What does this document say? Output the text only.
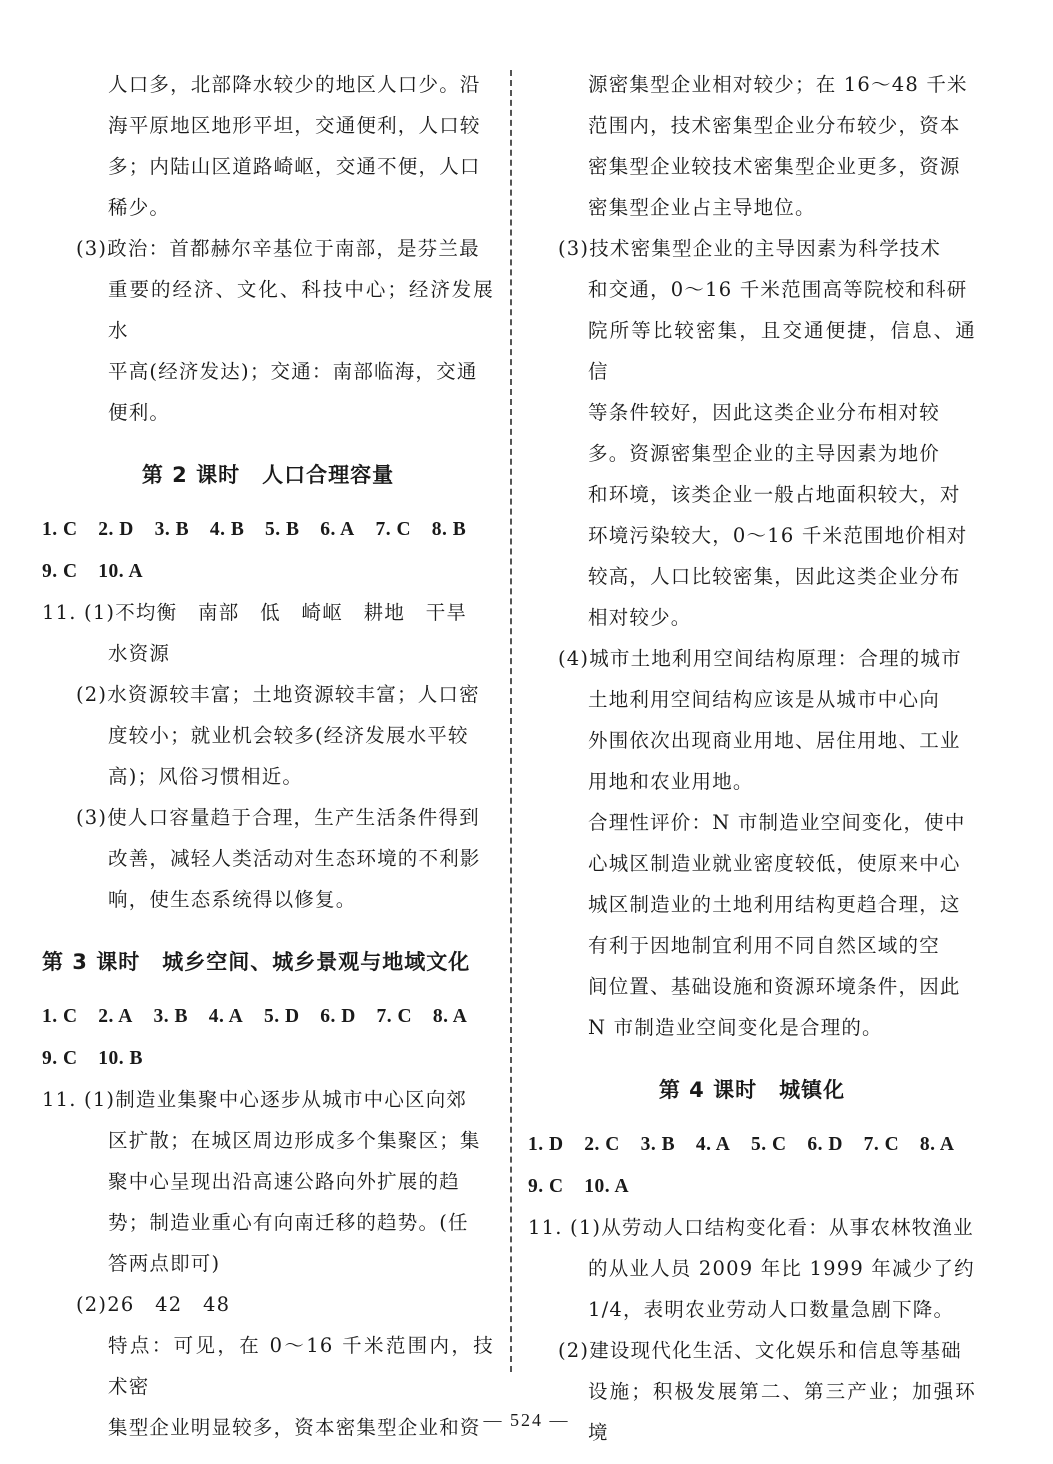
人口多，北部降水较少的地区人口少。沿

海平原地区地形平坦，交通便利，人口较

多；内陆山区道路崎岖，交通不便，人口

稀少。

(3)政治：首都赫尔辛基位于南部，是芬兰最

重要的经济、文化、科技中心；经济发展水

平高(经济发达)；交通：南部临海，交通

便利。

第 2 课时　人口合理容量

1. C 2. D 3. B 4. B 5. B 6. A 7. C 8. B

9. C 10. A

11. (1)不均衡　南部　低　崎岖　耕地　干旱

水资源

(2)水资源较丰富；土地资源较丰富；人口密

度较小；就业机会较多(经济发展水平较

高)；风俗习惯相近。

(3)使人口容量趋于合理，生产生活条件得到

改善，减轻人类活动对生态环境的不利影

响，使生态系统得以修复。

第 3 课时　城乡空间、城乡景观与地域文化

1. C 2. A 3. B 4. A 5. D 6. D 7. C 8. A

9. C 10. B

11. (1)制造业集聚中心逐步从城市中心区向郊

区扩散；在城区周边形成多个集聚区；集

聚中心呈现出沿高速公路向外扩展的趋

势；制造业重心有向南迁移的趋势。(任

答两点即可)

(2)26　42　48

特点：可见，在 0～16 千米范围内，技术密

集型企业明显较多，资本密集型企业和资

源密集型企业相对较少；在 16～48 千米

范围内，技术密集型企业分布较少，资本

密集型企业较技术密集型企业更多，资源

密集型企业占主导地位。

(3)技术密集型企业的主导因素为科学技术

和交通，0～16 千米范围高等院校和科研

院所等比较密集，且交通便捷，信息、通信

等条件较好，因此这类企业分布相对较

多。资源密集型企业的主导因素为地价

和环境，该类企业一般占地面积较大，对

环境污染较大，0～16 千米范围地价相对

较高，人口比较密集，因此这类企业分布

相对较少。

(4)城市土地利用空间结构原理：合理的城市

土地利用空间结构应该是从城市中心向

外围依次出现商业用地、居住用地、工业

用地和农业用地。

合理性评价：N 市制造业空间变化，使中

心城区制造业就业密度较低，使原来中心

城区制造业的土地利用结构更趋合理，这

有利于因地制宜利用不同自然区域的空

间位置、基础设施和资源环境条件，因此

N 市制造业空间变化是合理的。

第 4 课时　城镇化

1. D 2. C 3. B 4. A 5. C 6. D 7. C 8. A

9. C 10. A

11. (1)从劳动人口结构变化看：从事农林牧渔业

的从业人员 2009 年比 1999 年减少了约

1/4，表明农业劳动人口数量急剧下降。

(2)建设现代化生活、文化娱乐和信息等基础

设施；积极发展第二、第三产业；加强环境

— 524 —
